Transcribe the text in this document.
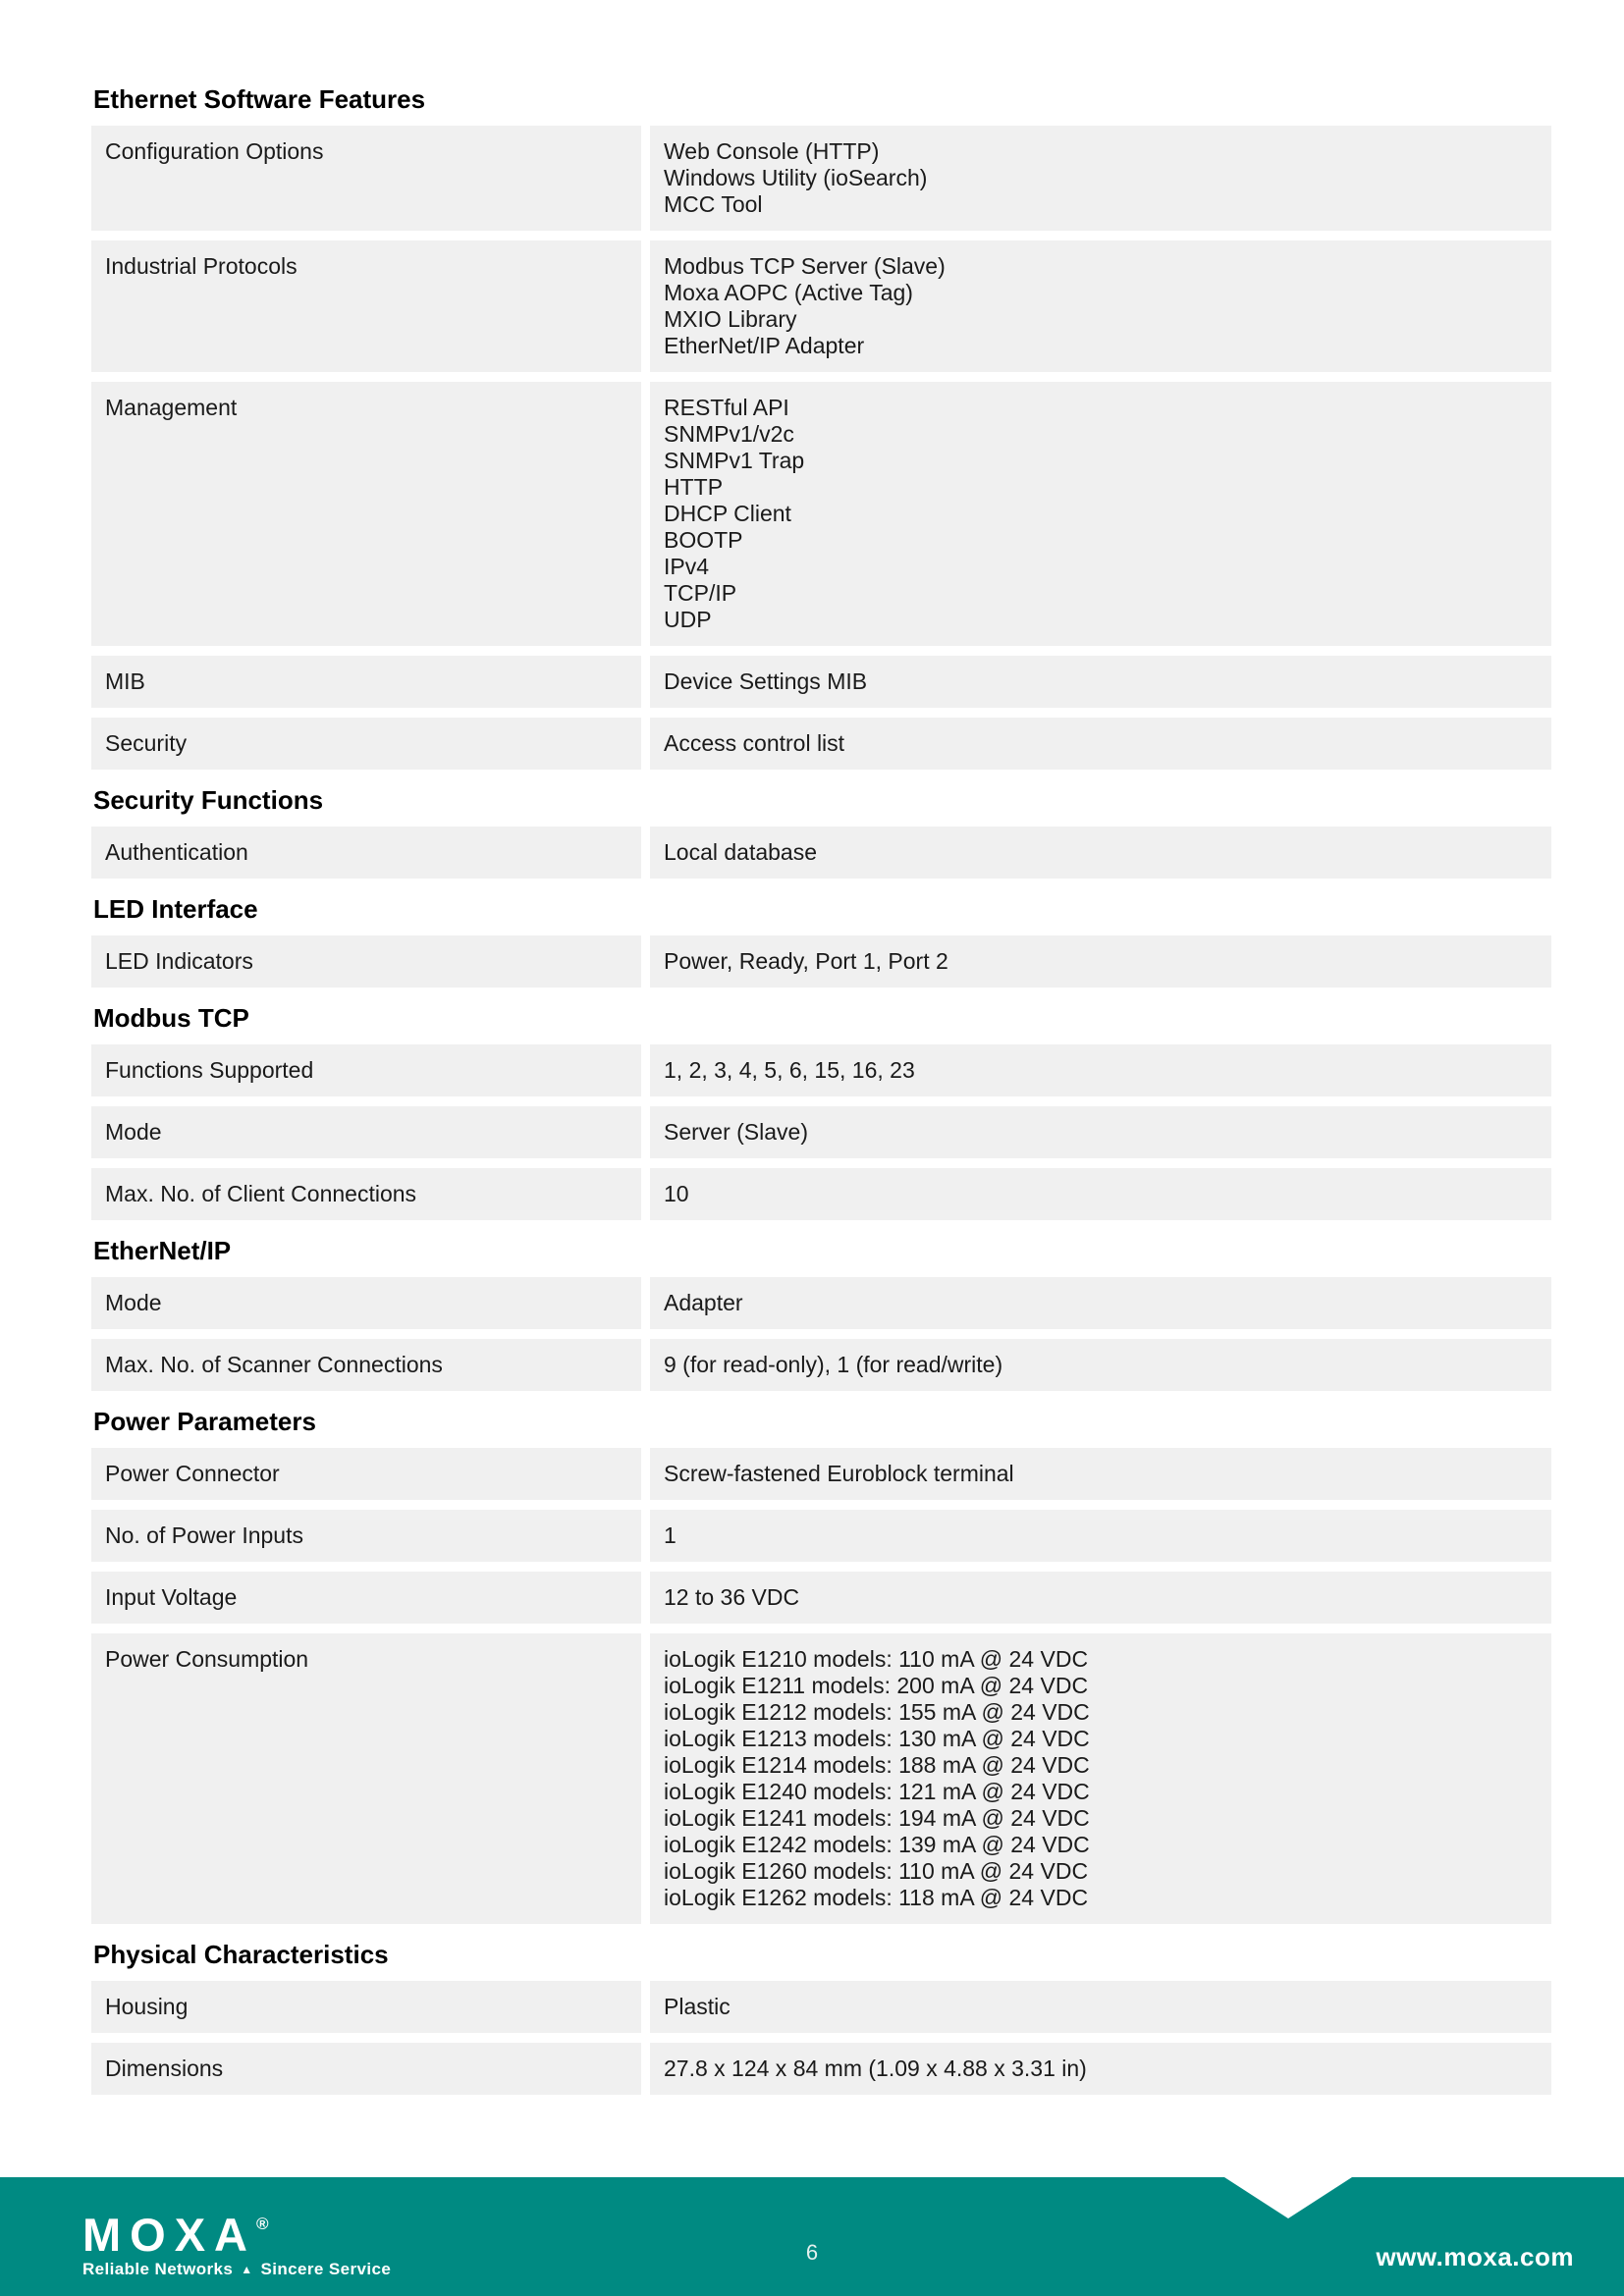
Ethernet Software Features
Configuration Options	Web Console (HTTP)
Windows Utility (ioSearch)
MCC Tool
Industrial Protocols	Modbus TCP Server (Slave)
Moxa AOPC (Active Tag)
MXIO Library
EtherNet/IP Adapter
Management	RESTful API
SNMPv1/v2c
SNMPv1 Trap
HTTP
DHCP Client
BOOTP
IPv4
TCP/IP
UDP
MIB	Device Settings MIB
Security	Access control list
Security Functions
Authentication	Local database
LED Interface
LED Indicators	Power, Ready, Port 1, Port 2
Modbus TCP
Functions Supported	1, 2, 3, 4, 5, 6, 15, 16, 23
Mode	Server (Slave)
Max. No. of Client Connections	10
EtherNet/IP
Mode	Adapter
Max. No. of Scanner Connections	9 (for read-only), 1 (for read/write)
Power Parameters
Power Connector	Screw-fastened Euroblock terminal
No. of Power Inputs	1
Input Voltage	12 to 36 VDC
Power Consumption	ioLogik E1210 models: 110 mA @ 24 VDC
ioLogik E1211 models: 200 mA @ 24 VDC
ioLogik E1212 models: 155 mA @ 24 VDC
ioLogik E1213 models: 130 mA @ 24 VDC
ioLogik E1214 models: 188 mA @ 24 VDC
ioLogik E1240 models: 121 mA @ 24 VDC
ioLogik E1241 models: 194 mA @ 24 VDC
ioLogik E1242 models: 139 mA @ 24 VDC
ioLogik E1260 models: 110 mA @ 24 VDC
ioLogik E1262 models: 118 mA @ 24 VDC
Physical Characteristics
Housing	Plastic
Dimensions	27.8 x 124 x 84 mm (1.09 x 4.88 x 3.31 in)
MOXA®
Reliable Networks ▲ Sincere Service
6	www.moxa.com
